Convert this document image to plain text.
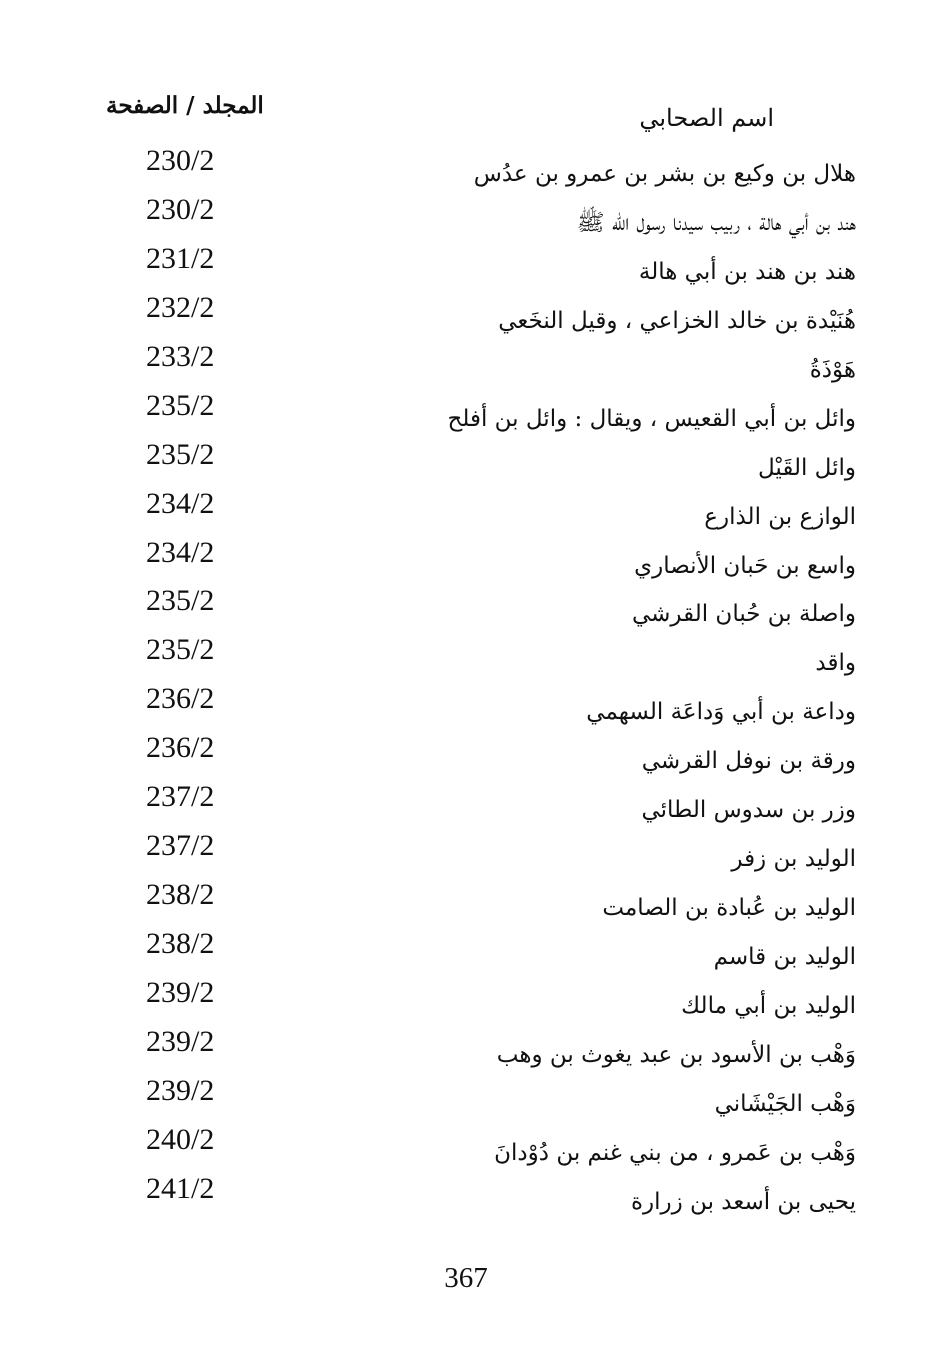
اسم الصحابي
المجلد / الصفحة
هلال بن وكيع بن بشر بن عمرو بن عدُس
230/2
هند بن أبي هالة ، ربيب سيدنا رسول الله ﷺ
230/2
هند بن هند بن أبي هالة
231/2
هُنَيْدة بن خالد الخزاعي ، وقيل النخَعي
232/2
هَوْذَةُ
233/2
وائل بن أبي القعيس ، ويقال : وائل بن أفلح
235/2
وائل القَيْل
235/2
الوازع بن الذارع
234/2
واسع بن حَبان الأنصاري
234/2
واصلة بن حُبان القرشي
235/2
واقد
235/2
وداعة بن أبي وَداعَة السهمي
236/2
ورقة بن نوفل القرشي
236/2
وزر بن سدوس الطائي
237/2
الوليد بن زفر
237/2
الوليد بن عُبادة بن الصامت
238/2
الوليد بن قاسم
238/2
الوليد بن أبي مالك
239/2
وَهْب بن الأسود بن عبد يغوث بن وهب
239/2
وَهْب الجَيْشَاني
239/2
وَهْب بن عَمرو ، من بني غنم بن دُوْدانَ
240/2
يحيى بن أسعد بن زرارة
241/2
367
